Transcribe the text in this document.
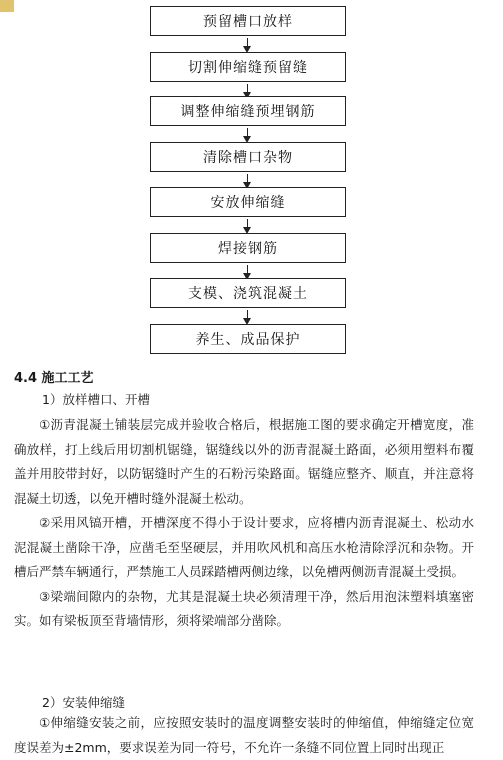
预留槽口放样
切割伸缩缝预留缝
调整伸缩缝预埋钢筋
清除槽口杂物
安放伸缩缝
焊接钢筋
支模、浇筑混凝土
养生、成品保护
4.4 施工工艺
1）放样槽口、开槽

①沥青混凝土铺装层完成并验收合格后，根据施工图的要求确定开槽宽度，准确放样，打上线后用切割机锯缝，锯缝线以外的沥青混凝土路面，必须用塑料布覆盖并用胶带封好，以防锯缝时产生的石粉污染路面。锯缝应整齐、顺直，并注意将混凝土切透，以免开槽时缝外混凝土松动。

②采用风镐开槽，开槽深度不得小于设计要求，应将槽内沥青混凝土、松动水泥混凝土凿除干净，应凿毛至坚硬层，并用吹风机和高压水枪清除浮沉和杂物。开槽后严禁车辆通行，严禁施工人员踩踏槽两侧边缘，以免槽两侧沥青混凝土受损。

③梁端间隙内的杂物，尤其是混凝土块必须清理干净，然后用泡沫塑料填塞密实。如有梁板顶至背墙情形，须将梁端部分凿除。

2）安装伸缩缝

①伸缩缝安装之前，应按照安装时的温度调整安装时的伸缩值，伸缩缝定位宽度误差为±2mm，要求误差为同一符号，不允许一条缝不同位置上同时出现正
